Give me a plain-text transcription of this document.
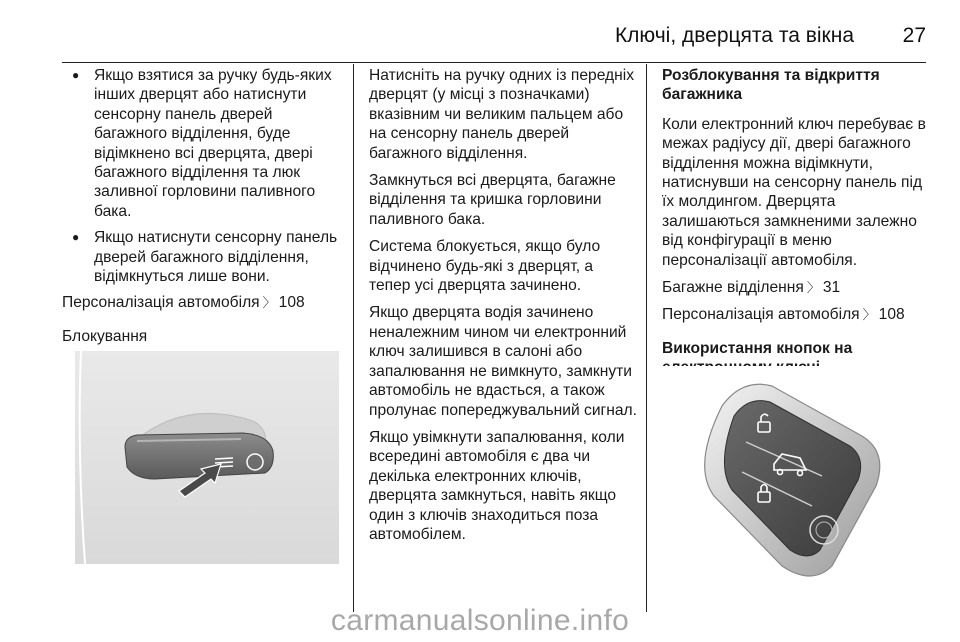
Ключі, дверцята та вікна 27
● Якщо взятися за ручку будь-яких інших дверцят або натиснути сенсорну панель дверей багажного відділення, буде відімкнено всі дверцята, двері багажного відділення та люк заливної горловини паливного бака.
● Якщо натиснути сенсорну панель дверей багажного відділення, відімкнуться лише вони.

Персоналізація автомобіля 〉 108

Блокування

Натисніть на ручку одних із передніх дверцят (у місці з позначками) вказівним чи великим пальцем або на сенсорну панель дверей багажного відділення.

Замкнуться всі дверцята, багажне відділення та кришка горловини паливного бака.

Система блокується, якщо було відчинено будь-які з дверцят, а тепер усі дверцята зачинено.

Якщо дверцята водія зачинено неналежним чином чи електронний ключ залишився в салоні або запалювання не вимкнуто, замкнути автомобіль не вдасться, а також пролунає попереджувальний сигнал.

Якщо увімкнути запалювання, коли всередині автомобіля є два чи декілька електронних ключів, дверцята замкнуться, навіть якщо один з ключів знаходиться поза автомобілем.

Розблокування та відкриття багажника

Коли електронний ключ перебуває в межах радіусу дії, двері багажного відділення можна відімкнути, натиснувши на сенсорну панель під їх молдингом. Дверцята залишаються замкненими залежно від конфігурації в меню персоналізації автомобіля.

Багажне відділення 〉 31

Персоналізація автомобіля 〉 108

Використання кнопок на
carmanualsonline.info
